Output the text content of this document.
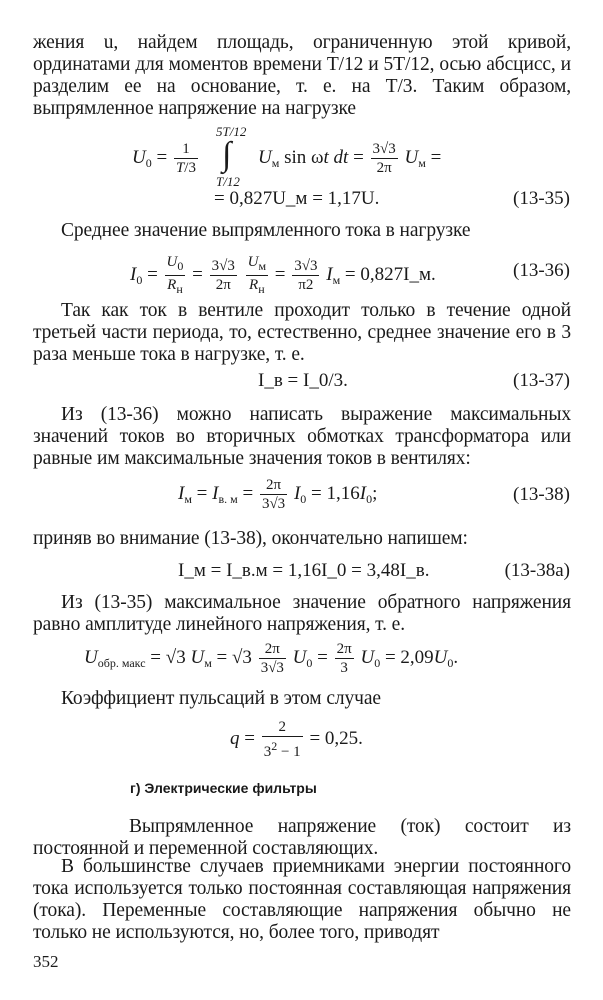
жения u, найдем площадь, ограниченную этой кривой, ординатами для моментов времени T/12 и 5T/12, осью абсцисс, и разделим ее на основание, т. е. на T/3. Таким образом, выпрямленное напряжение на нагрузке

$U_0 = \frac{1}{T/3}$
5T/12
∫
T/12
$U_м$ sin ωt dt = $\frac{3√3}{2\pi} U_м$ =
= 0,827U_м = 1,17U.	(13-35)

Среднее значение выпрямленного тока в нагрузке

$I_0 = \frac{U_0}{R_н} = \frac{3√3}{2\pi}$
$\frac{U_м}{R_н} = \frac{3√3}{\pi 2} I_м$ = 0,827I_м.	(13-36)

Так как ток в вентиле проходит только в течение одной третьей части периода, то, естественно, среднее значение его в 3 раза меньше тока в нагрузке, т. е.

I_в = I_0/3.	(13-37)

Из (13-36) можно написать выражение максимальных значений токов во вторичных обмотках трансформатора или равные им максимальные значения токов в вентилях:

$I_м = I_{в. м} = \frac{2\pi}{3√3} I_0 = 1,16I_0$;	(13-38)

приняв во внимание (13-38), окончательно напишем:

I_м = I_в.м = 1,16I_0 = 3,48I_в.	(13-38а)

Из (13-35) максимальное значение обратного напряжения равно амплитуде линейного напряжения, т. е.

$U_{обр. макс} = √3$ $U_м = √3 \frac{2\pi}{3√3} U_0 = \frac{2\pi}{3} U_0 = 2,09U_0$.

Коэффициент пульсаций в этом случае

$q = \frac{2}{3^2 - 1} = 0,25$.
г) Электрические фильтры

Выпрямленное напряжение (ток) состоит из постоянной и переменной составляющих.

В большинстве случаев приемниками энергии постоянного тока используется только постоянная составляющая напряжения (тока). Переменные составляющие напряжения обычно не только не используются, но, более того, приводят

352
